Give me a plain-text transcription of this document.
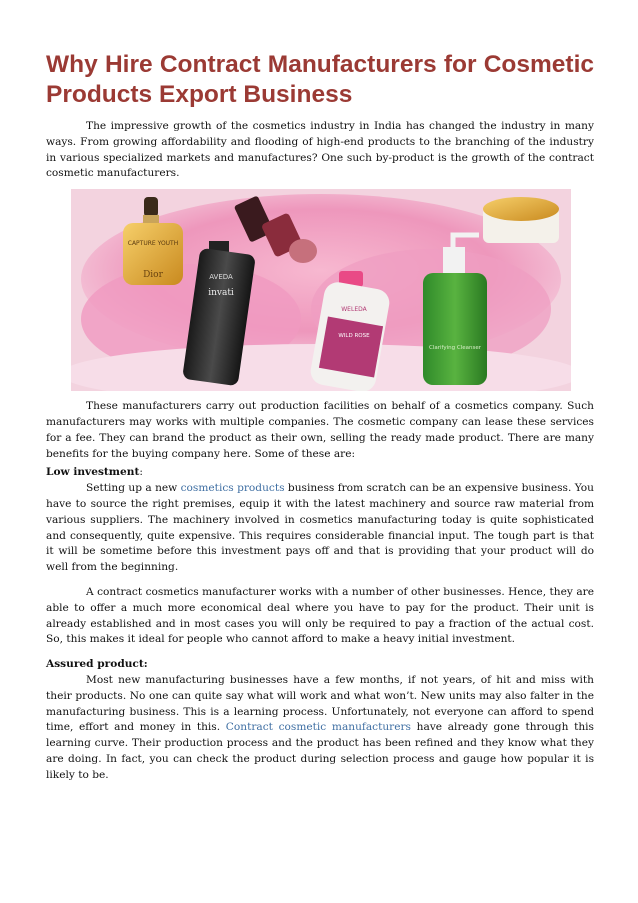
Why Hire Contract Manufacturers for Cosmetic Products Export Business

The impressive growth of the cosmetics industry in India has changed the industry in many ways. From growing affordability and flooding of high-end products to the branching of the industry in various specialized markets and manufactures? One such by-product is the growth of the contract cosmetic manufacturers.

CAPTURE YOUTH
Dior	AVEDA
invati
WELEDA
WILD ROSE
Clarifying Cleanser

These manufacturers carry out production facilities on behalf of a cosmetics company. Such manufacturers may works with multiple companies. The cosmetic company can lease these services for a fee. They can brand the product as their own, selling the ready made product. There are many benefits for the buying company here. Some of these are:

Low investment:

Setting up a new cosmetics products business from scratch can be an expensive business. You have to source the right premises, equip it with the latest machinery and source raw material from various suppliers. The machinery involved in cosmetics manufacturing today is quite sophisticated and consequently, quite expensive. This requires considerable financial input. The tough part is that it will be sometime before this investment pays off and that is providing that your product will do well from the beginning.

A contract cosmetics manufacturer works with a number of other businesses. Hence, they are able to offer a much more economical deal where you have to pay for the product. Their unit is already established and in most cases you will only be required to pay a fraction of the actual cost. So, this makes it ideal for people who cannot afford to make a heavy initial investment.

Assured product:

Most new manufacturing businesses have a few months, if not years, of hit and miss with their products. No one can quite say what will work and what won’t. New units may also falter in the manufacturing business. This is a learning process. Unfortunately, not everyone can afford to spend time, effort and money in this. Contract cosmetic manufacturers have already gone through this learning curve. Their production process and the product has been refined and they know what they are doing. In fact, you can check the product during selection process and gauge how popular it is likely to be.
